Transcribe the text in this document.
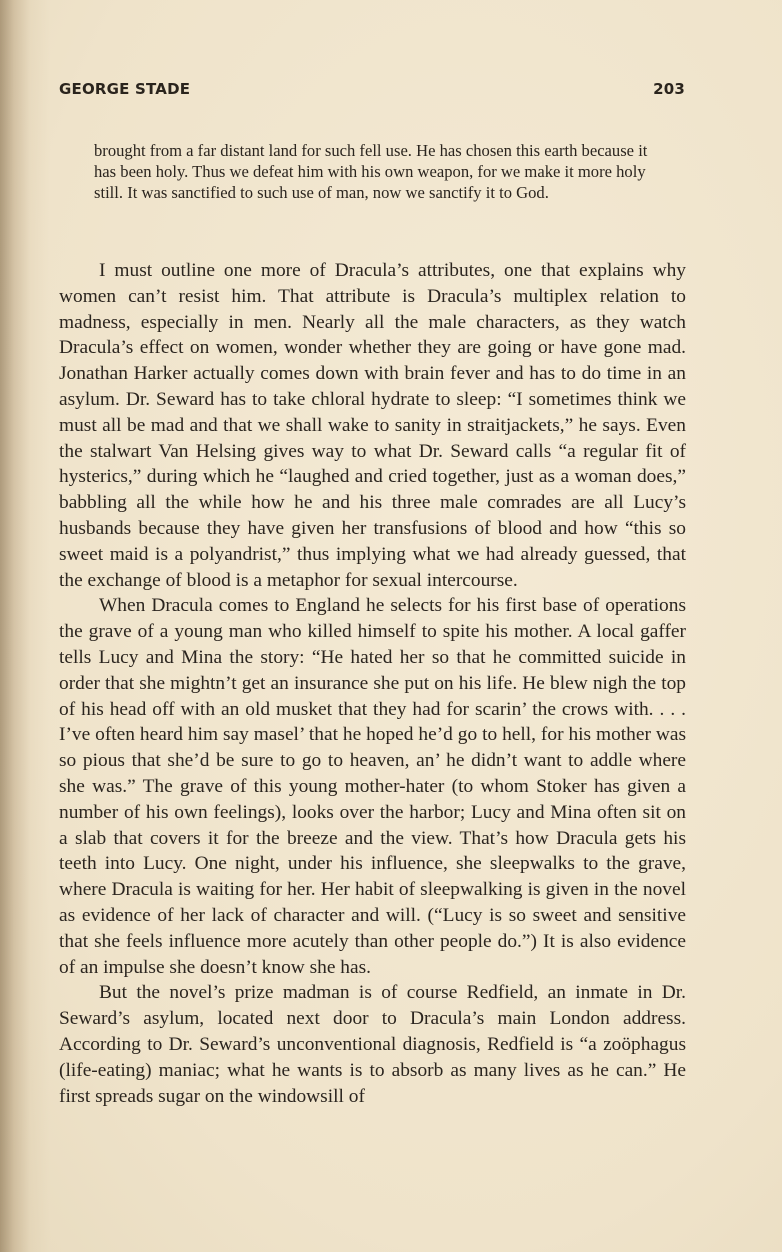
GEORGE STADE	203

brought from a far distant land for such fell use. He has chosen this earth because it has been holy. Thus we defeat him with his own weapon, for we make it more holy still. It was sanctified to such use of man, now we sanctify it to God.

I must outline one more of Dracula’s attributes, one that explains why women can’t resist him. That attribute is Dracula’s multiplex relation to madness, especially in men. Nearly all the male characters, as they watch Dracula’s effect on women, wonder whether they are going or have gone mad. Jonathan Harker actually comes down with brain fever and has to do time in an asylum. Dr. Seward has to take chloral hydrate to sleep: “I sometimes think we must all be mad and that we shall wake to sanity in straitjackets,” he says. Even the stalwart Van Helsing gives way to what Dr. Seward calls “a regular fit of hysterics,” during which he “laughed and cried together, just as a woman does,” babbling all the while how he and his three male comrades are all Lucy’s husbands because they have given her transfusions of blood and how “this so sweet maid is a polyandrist,” thus implying what we had already guessed, that the exchange of blood is a metaphor for sexual intercourse.

When Dracula comes to England he selects for his first base of operations the grave of a young man who killed himself to spite his mother. A local gaffer tells Lucy and Mina the story: “He hated her so that he committed suicide in order that she mightn’t get an insurance she put on his life. He blew nigh the top of his head off with an old musket that they had for scarin’ the crows with. . . . I’ve often heard him say masel’ that he hoped he’d go to hell, for his mother was so pious that she’d be sure to go to heaven, an’ he didn’t want to addle where she was.” The grave of this young mother-hater (to whom Stoker has given a number of his own feelings), looks over the harbor; Lucy and Mina often sit on a slab that covers it for the breeze and the view. That’s how Dracula gets his teeth into Lucy. One night, under his influence, she sleepwalks to the grave, where Dracula is waiting for her. Her habit of sleepwalking is given in the novel as evidence of her lack of character and will. (“Lucy is so sweet and sensitive that she feels influence more acutely than other people do.”) It is also evidence of an impulse she doesn’t know she has.

But the novel’s prize madman is of course Redfield, an inmate in Dr. Seward’s asylum, located next door to Dracula’s main London address. According to Dr. Seward’s unconventional diagnosis, Redfield is “a zoöphagus (life-eating) maniac; what he wants is to absorb as many lives as he can.” He first spreads sugar on the windowsill of
